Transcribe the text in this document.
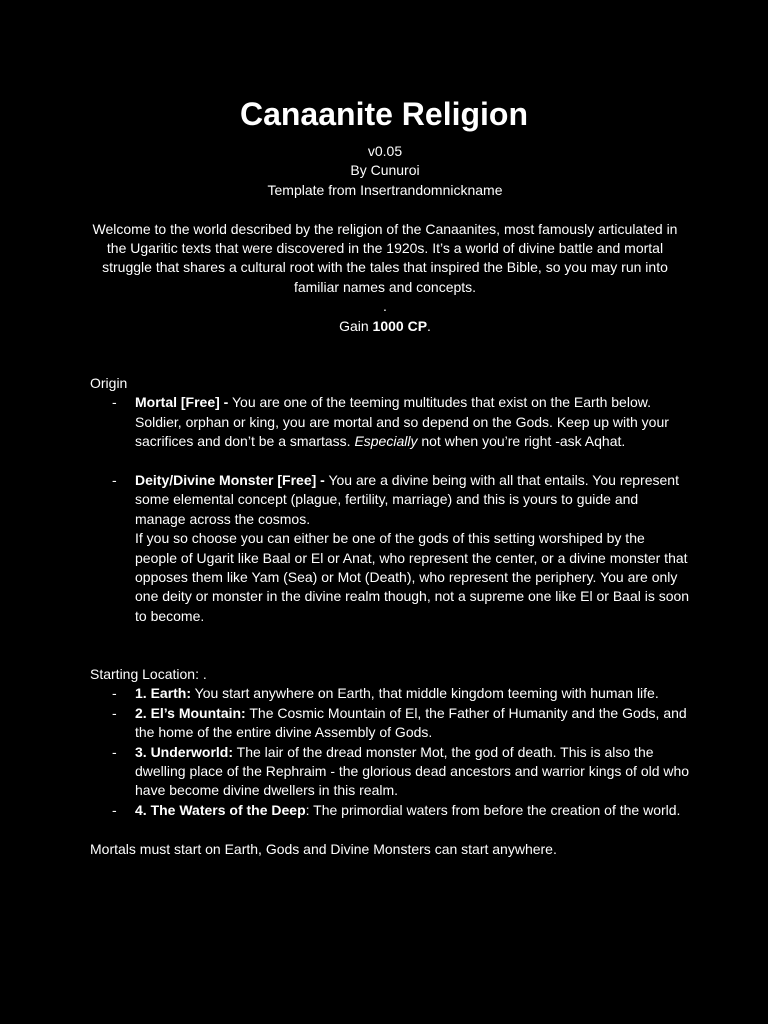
Canaanite Religion

v0.05

By Cunuroi

Template from Insertrandomnickname

Welcome to the world described by the religion of the Canaanites, most famously articulated in the Ugaritic texts that were discovered in the 1920s. It’s a world of divine battle and mortal struggle that shares a cultural root with the tales that inspired the Bible, so you may run into familiar names and concepts.

.

Gain 1000 CP.

Origin

- Mortal [Free] - You are one of the teeming multitudes that exist on the Earth below. Soldier, orphan or king, you are mortal and so depend on the Gods. Keep up with your sacrifices and don’t be a smartass. Especially not when you’re right -ask Aqhat.
- Deity/Divine Monster [Free] - You are a divine being with all that entails. You represent some elemental concept (plague, fertility, marriage) and this is yours to guide and manage across the cosmos.

If you so choose you can either be one of the gods of this setting worshiped by the people of Ugarit like Baal or El or Anat, who represent the center, or a divine monster that opposes them like Yam (Sea) or Mot (Death), who represent the periphery. You are only one deity or monster in the divine realm though, not a supreme one like El or Baal is soon to become.

Starting Location: .

- 1. Earth: You start anywhere on Earth, that middle kingdom teeming with human life.
- 2. El’s Mountain: The Cosmic Mountain of El, the Father of Humanity and the Gods, and the home of the entire divine Assembly of Gods.
- 3. Underworld: The lair of the dread monster Mot, the god of death. This is also the dwelling place of the Rephraim - the glorious dead ancestors and warrior kings of old who have become divine dwellers in this realm.
- 4. The Waters of the Deep: The primordial waters from before the creation of the world.

Mortals must start on Earth, Gods and Divine Monsters can start anywhere.
